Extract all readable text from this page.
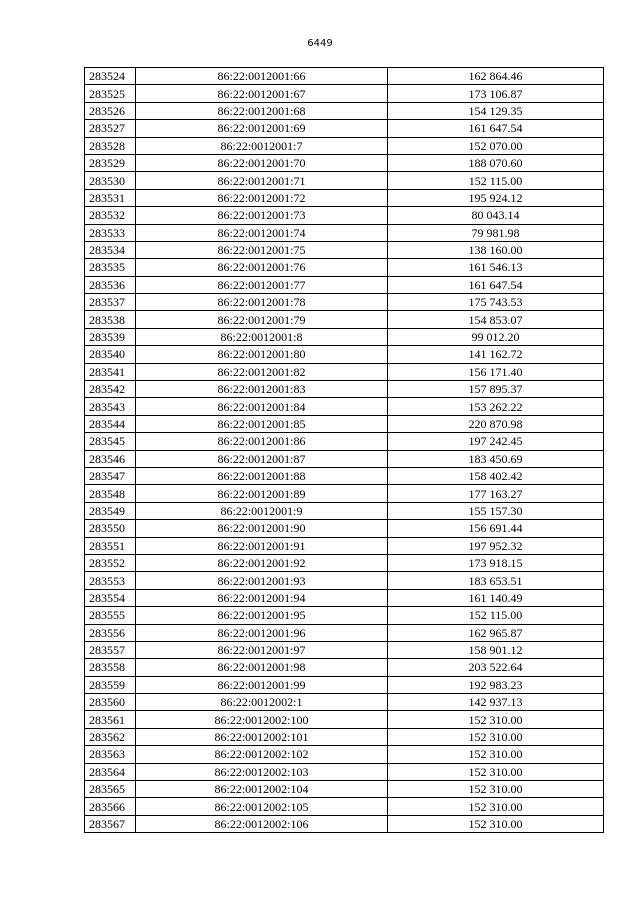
6449
283524	86:22:0012001:66	162 864.46
283525	86:22:0012001:67	173 106.87
283526	86:22:0012001:68	154 129.35
283527	86:22:0012001:69	161 647.54
283528	86:22:0012001:7	152 070.00
283529	86:22:0012001:70	188 070.60
283530	86:22:0012001:71	152 115.00
283531	86:22:0012001:72	195 924.12
283532	86:22:0012001:73	80 043.14
283533	86:22:0012001:74	79 981.98
283534	86:22:0012001:75	138 160.00
283535	86:22:0012001:76	161 546.13
283536	86:22:0012001:77	161 647.54
283537	86:22:0012001:78	175 743.53
283538	86:22:0012001:79	154 853.07
283539	86:22:0012001:8	99 012.20
283540	86:22:0012001:80	141 162.72
283541	86:22:0012001:82	156 171.40
283542	86:22:0012001:83	157 895.37
283543	86:22:0012001:84	153 262.22
283544	86:22:0012001:85	220 870.98
283545	86:22:0012001:86	197 242.45
283546	86:22:0012001:87	183 450.69
283547	86:22:0012001:88	158 402.42
283548	86:22:0012001:89	177 163.27
283549	86:22:0012001:9	155 157.30
283550	86:22:0012001:90	156 691.44
283551	86:22:0012001:91	197 952.32
283552	86:22:0012001:92	173 918.15
283553	86:22:0012001:93	183 653.51
283554	86:22:0012001:94	161 140.49
283555	86:22:0012001:95	152 115.00
283556	86:22:0012001:96	162 965.87
283557	86:22:0012001:97	158 901.12
283558	86:22:0012001:98	203 522.64
283559	86:22:0012001:99	192 983.23
283560	86:22:0012002:1	142 937.13
283561	86:22:0012002:100	152 310.00
283562	86:22:0012002:101	152 310.00
283563	86:22:0012002:102	152 310.00
283564	86:22:0012002:103	152 310.00
283565	86:22:0012002:104	152 310.00
283566	86:22:0012002:105	152 310.00
283567	86:22:0012002:106	152 310.00
